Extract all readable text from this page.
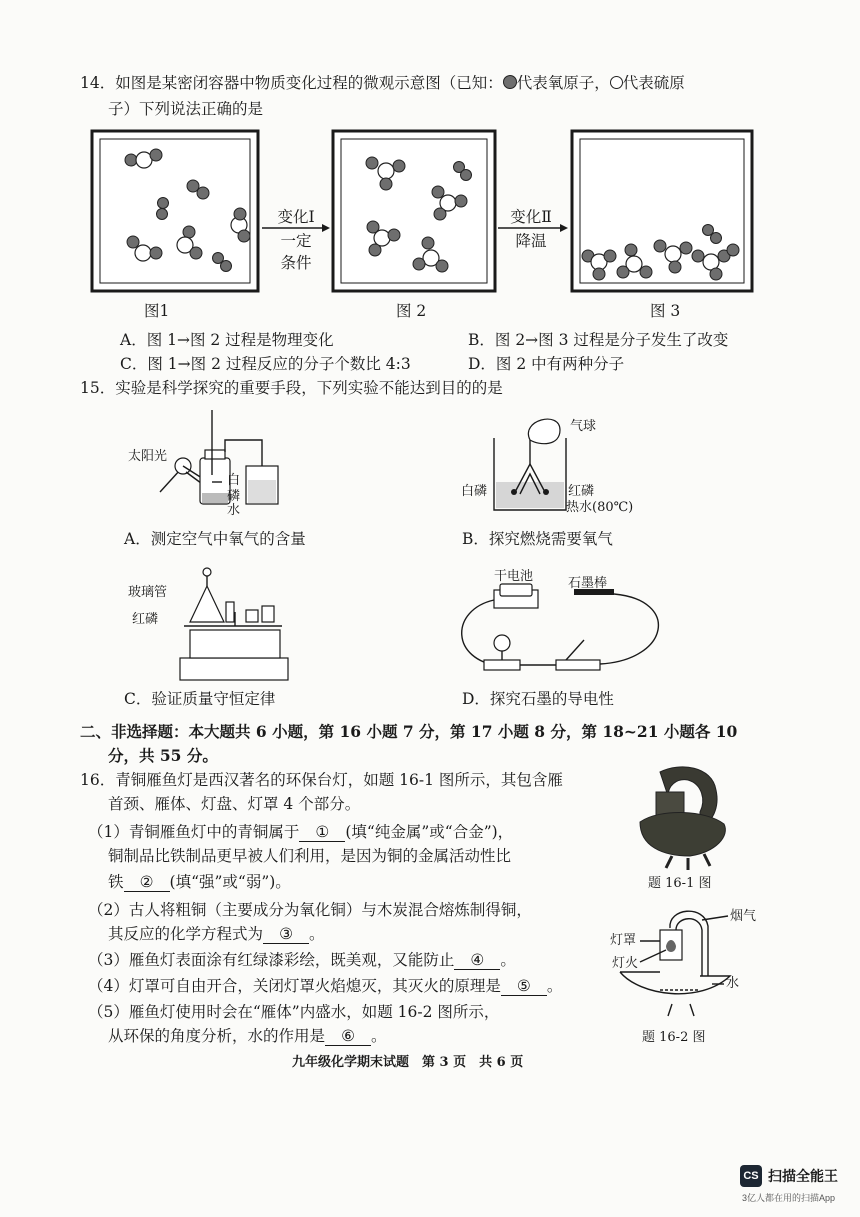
14．如图是某密闭容器中物质变化过程的微观示意图（已知： 代表氧原子， 代表硫原
子）下列说法正确的是
变化Ⅰ
一定
条件
变化Ⅱ
降温
图1	图 2	图 3
A．图 1→图 2 过程是物理变化	B．图 2→图 3 过程是分子发生了改变
C．图 1→图 2 过程反应的分子个数比 4:3	D．图 2 中有两种分子
15．实验是科学探究的重要手段，下列实验不能达到目的的是
太阳光
白
磷
水
A．测定空气中氧气的含量
气球
白磷	红磷
热水(80℃)
B．探究燃烧需要氧气
玻璃管
红磷
C．验证质量守恒定律
干电池	石墨棒
D．探究石墨的导电性
二、非选择题：本大题共 6 小题，第 16 小题 7 分，第 17 小题 8 分，第 18~21 小题各 10
分，共 55 分。
16．青铜雁鱼灯是西汉著名的环保台灯，如题 16-1 图所示，其包含雁
首颈、雁体、灯盘、灯罩 4 个部分。
（1）青铜雁鱼灯中的青铜属于 ① (填“纯金属”或“合金”)，
铜制品比铁制品更早被人们利用，是因为铜的金属活动性比
铁 ② (填“强”或“弱”)。
（2）古人将粗铜（主要成分为氧化铜）与木炭混合熔炼制得铜，
其反应的化学方程式为 ③ 。
（3）雁鱼灯表面涂有红绿漆彩绘，既美观，又能防止 ④ 。
（4）灯罩可自由开合，关闭灯罩火焰熄灭，其灭火的原理是 ⑤ 。
（5）雁鱼灯使用时会在“雁体”内盛水，如题 16-2 图所示，
从环保的角度分析，水的作用是 ⑥ 。
题 16-1 图
烟气
灯罩
灯火
水
题 16-2 图
九年级化学期末试题　第 3 页　共 6 页
CS 扫描全能王
3亿人都在用的扫描App
